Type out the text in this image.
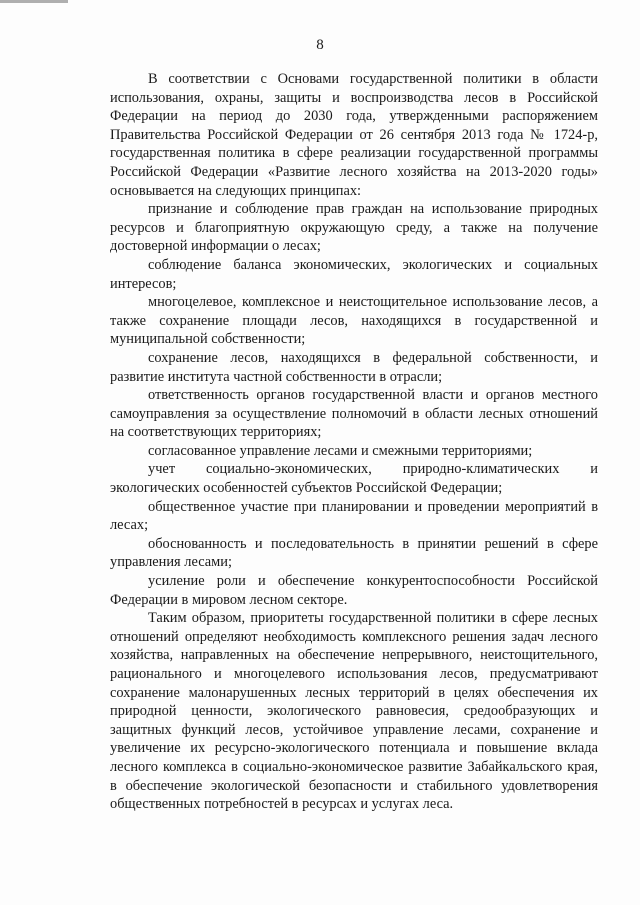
8

В соответствии с Основами государственной политики в области использования, охраны, защиты и воспроизводства лесов в Российской Федерации на период до 2030 года, утвержденными распоряжением Правительства Российской Федерации от 26 сентября 2013 года № 1724-р, государственная политика в сфере реализации государственной программы Российской Федерации «Развитие лесного хозяйства на 2013-2020 годы» основывается на следующих принципах:

признание и соблюдение прав граждан на использование природных ресурсов и благоприятную окружающую среду, а также на получение достоверной информации о лесах;

соблюдение баланса экономических, экологических и социальных интересов;

многоцелевое, комплексное и неистощительное использование лесов, а также сохранение площади лесов, находящихся в государственной и муниципальной собственности;

сохранение лесов, находящихся в федеральной собственности, и развитие института частной собственности в отрасли;

ответственность органов государственной власти и органов местного самоуправления за осуществление полномочий в области лесных отношений на соответствующих территориях;

согласованное управление лесами и смежными территориями;

учет социально-экономических, природно-климатических и экологических особенностей субъектов Российской Федерации;

общественное участие при планировании и проведении мероприятий в лесах;

обоснованность и последовательность в принятии решений в сфере управления лесами;

усиление роли и обеспечение конкурентоспособности Российской Федерации в мировом лесном секторе.

Таким образом, приоритеты государственной политики в сфере лесных отношений определяют необходимость комплексного решения задач лесного хозяйства, направленных на обеспечение непрерывного, неистощительного, рационального и многоцелевого использования лесов, предусматривают сохранение малонарушенных лесных территорий в целях обеспечения их природной ценности, экологического равновесия, средообразующих и защитных функций лесов, устойчивое управление лесами, сохранение и увеличение их ресурсно-экологического потенциала и повышение вклада лесного комплекса в социально-экономическое развитие Забайкальского края, в обеспечение экологической безопасности и стабильного удовлетворения общественных потребностей в ресурсах и услугах леса.
